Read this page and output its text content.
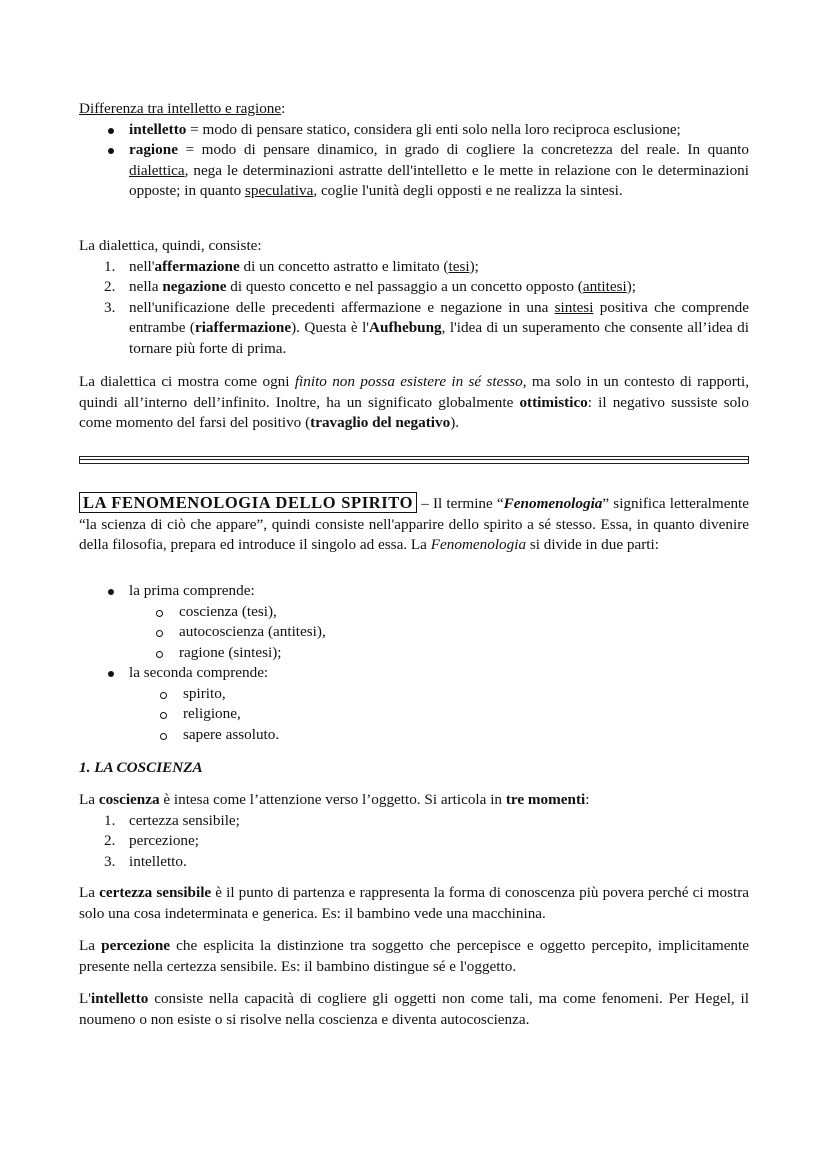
Differenza tra intelletto e ragione:

intelletto = modo di pensare statico, considera gli enti solo nella loro reciproca esclusione;
ragione = modo di pensare dinamico, in grado di cogliere la concretezza del reale. In quanto dialettica, nega le determinazioni astratte dell'intelletto e le mette in relazione con le determinazioni opposte; in quanto speculativa, coglie l'unità degli opposti e ne realizza la sintesi.

La dialettica, quindi, consiste:

1. nell'affermazione di un concetto astratto e limitato (tesi);
2. nella negazione di questo concetto e nel passaggio a un concetto opposto (antitesi);
3. nell'unificazione delle precedenti affermazione e negazione in una sintesi positiva che comprende entrambe (riaffermazione). Questa è l'Aufhebung, l'idea di un superamento che consente all’idea di tornare più forte di prima.

La dialettica ci mostra come ogni finito non possa esistere in sé stesso, ma solo in un contesto di rapporti, quindi all’interno dell’infinito. Inoltre, ha un significato globalmente ottimistico: il negativo sussiste solo come momento del farsi del positivo (travaglio del negativo).

LA FENOMENOLOGIA DELLO SPIRITO – Il termine “Fenomenologia” significa letteralmente “la scienza di ciò che appare”, quindi consiste nell'apparire dello spirito a sé stesso. Essa, in quanto divenire della filosofia, prepara ed introduce il singolo ad essa. La Fenomenologia si divide in due parti:

la prima comprende:
coscienza (tesi),
autocoscienza (antitesi),
ragione (sintesi);
la seconda comprende:
spirito,
religione,
sapere assoluto.

1. LA COSCIENZA

La coscienza è intesa come l’attenzione verso l’oggetto. Si articola in tre momenti:

1. certezza sensibile;
2. percezione;
3. intelletto.

La certezza sensibile è il punto di partenza e rappresenta la forma di conoscenza più povera perché ci mostra solo una cosa indeterminata e generica. Es: il bambino vede una macchinina.

La percezione che esplicita la distinzione tra soggetto che percepisce e oggetto percepito, implicitamente presente nella certezza sensibile. Es: il bambino distingue sé e l'oggetto.

L'intelletto consiste nella capacità di cogliere gli oggetti non come tali, ma come fenomeni. Per Hegel, il noumeno o non esiste o si risolve nella coscienza e diventa autocoscienza.
